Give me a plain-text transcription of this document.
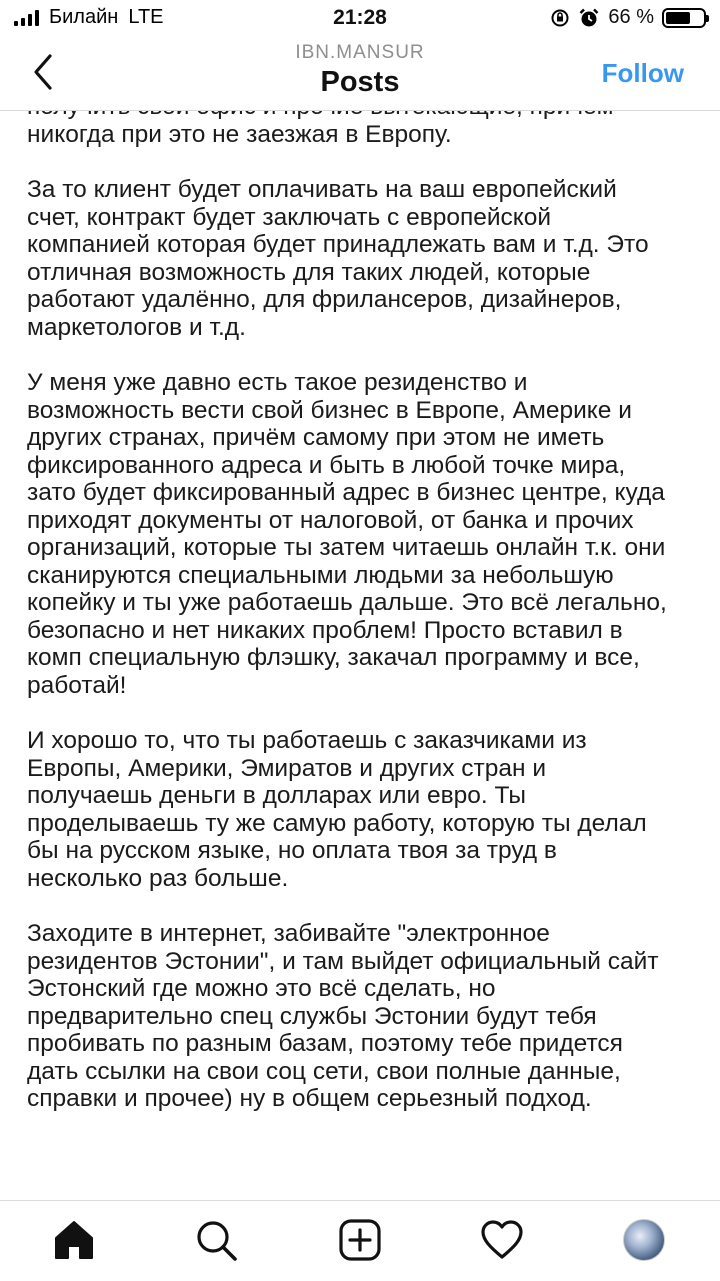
Билайн LTE	21:28	66 %
IBN.MANSUR
Posts	Follow

никогда при это не заезжая в Европу.

За то клиент будет оплачивать на ваш европейский
счет, контракт будет заключать с европейской
компанией которая будет принадлежать вам и т.д. Это
отличная возможность для таких людей, которые
работают удалённо, для фрилансеров, дизайнеров,
маркетологов и т.д.

У меня уже давно есть такое резиденство и
возможность вести свой бизнес в Европе, Америке и
других странах, причём самому при этом не иметь
фиксированного адреса и быть в любой точке мира,
зато будет фиксированный адрес в бизнес центре, куда
приходят документы от налоговой, от банка и прочих
организаций, которые ты затем читаешь онлайн т.к. они
сканируются специальными людьми за небольшую
копейку и ты уже работаешь дальше. Это всё легально,
безопасно и нет никаких проблем! Просто вставил в
комп специальную флэшку, закачал программу и все,
работай!

И хорошо то, что ты работаешь с заказчиками из
Европы, Америки, Эмиратов и других стран и
получаешь деньги в долларах или евро. Ты
проделываешь ту же самую работу, которую ты делал
бы на русском языке, но оплата твоя за труд в
несколько раз больше.

Заходите в интернет, забивайте "электронное
резидентов Эстонии", и там выйдет официальный сайт
Эстонский где можно это всё сделать, но
предварительно спец службы Эстонии будут тебя
пробивать по разным базам, поэтому тебе придется
дать ссылки на свои соц сети, свои полные данные,
справки и прочее) ну в общем серьезный подход.
